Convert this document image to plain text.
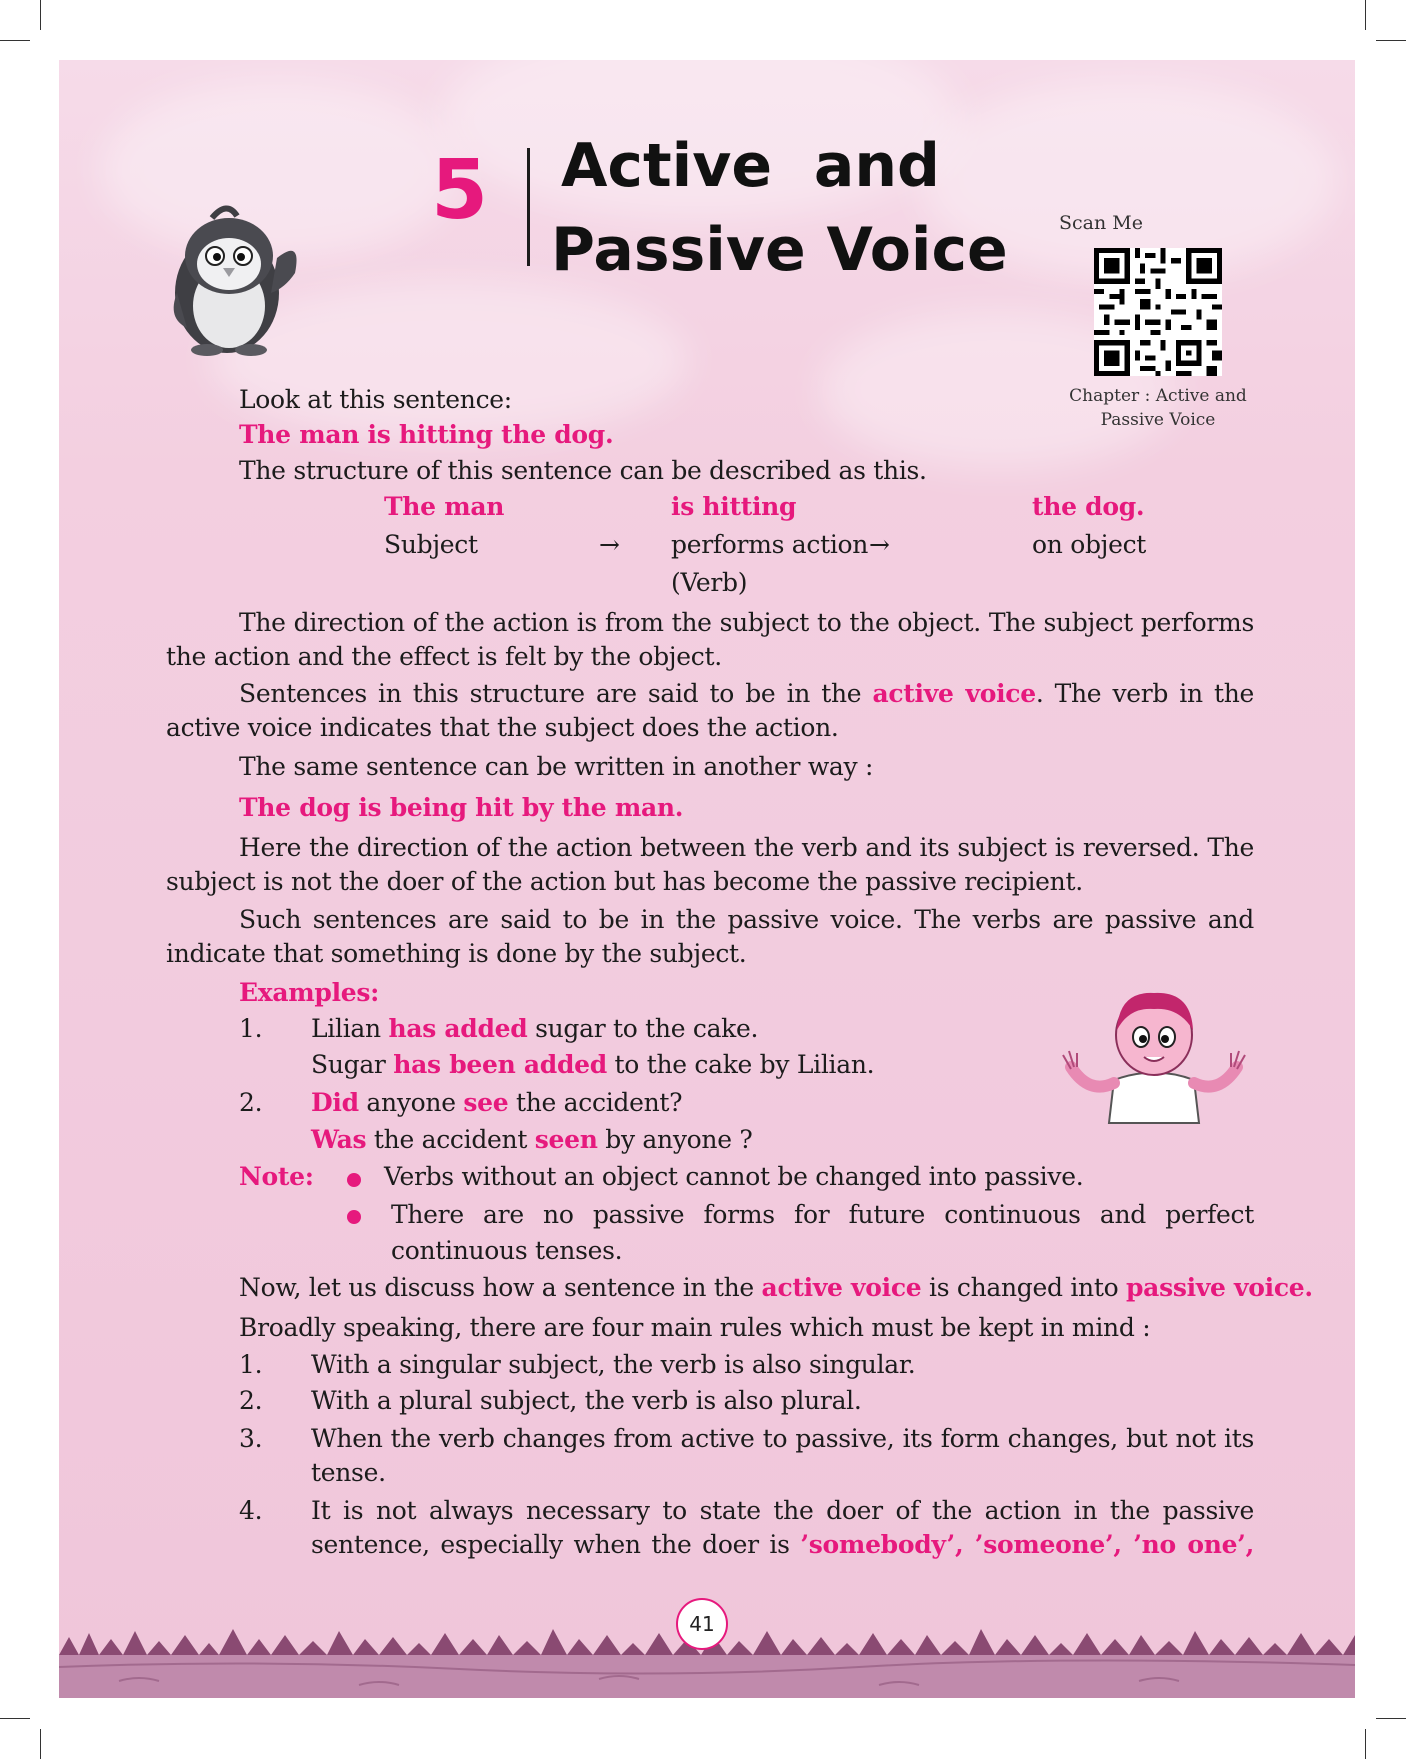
5 Active  and
Passive Voice	Scan Me
Chapter : Active and
Passive Voice
Look at this sentence:
The man is hitting the dog.
The structure of this sentence can be described as this.
The man	is hitting	the dog.
Subject	→ performs action →	on object
(Verb)
The direction of the action is from the subject to the object. The subject performs the action and the effect is felt by the object.
Sentences in this structure are said to be in the active voice. The verb in the active voice indicates that the subject does the action.
The same sentence can be written in another way :
The dog is being hit by the man.
Here the direction of the action between the verb and its subject is reversed. The subject is not the doer of the action but has become the passive recipient.
Such sentences are said to be in the passive voice. The verbs are passive and indicate that something is done by the subject.
Examples:
1. Lilian has added sugar to the cake.
Sugar has been added to the cake by Lilian.
2. Did anyone see the accident?
Was the accident seen by anyone ?
Note:	Verbs without an object cannot be changed into passive.
There are no passive forms for future continuous and perfect
continuous tenses.
Now, let us discuss how a sentence in the active voice is changed into passive voice.
Broadly speaking, there are four main rules which must be kept in mind :
1. With a singular subject, the verb is also singular.
2. With a plural subject, the verb is also plural.
3. When the verb changes from active to passive, its form changes, but not its
tense.
4. It is not always necessary to state the doer of the action in the passive
sentence, especially when the doer is ’somebody’, ’someone’, ’no one’,
41
